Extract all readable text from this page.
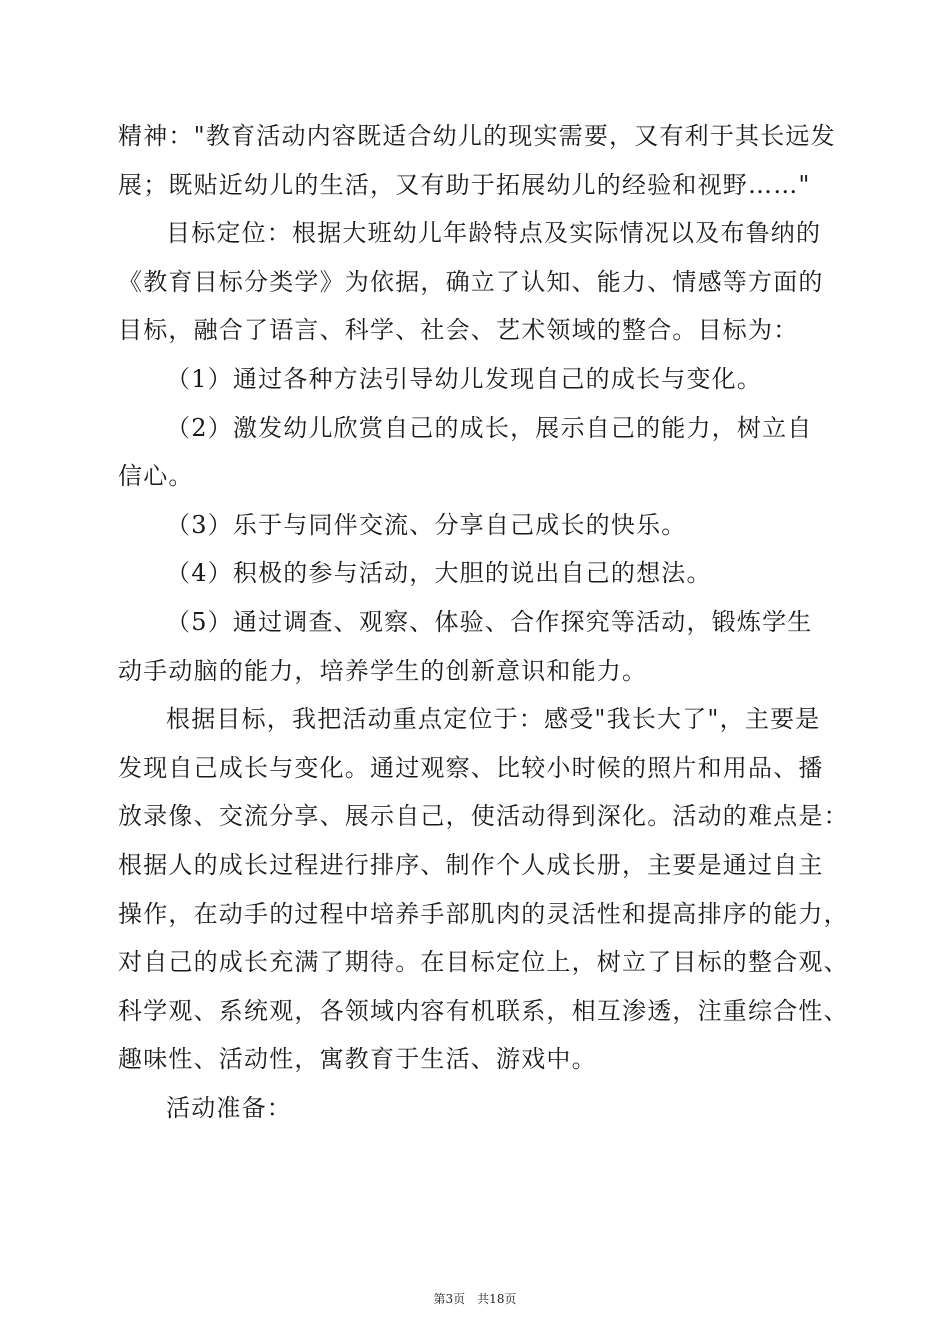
精神："教育活动内容既适合幼儿的现实需要，又有利于其长远发
展；既贴近幼儿的生活，又有助于拓展幼儿的经验和视野……"
目标定位：根据大班幼儿年龄特点及实际情况以及布鲁纳的
《教育目标分类学》为依据，确立了认知、能力、情感等方面的
目标，融合了语言、科学、社会、艺术领域的整合。目标为：
（1）通过各种方法引导幼儿发现自己的成长与变化。
（2）激发幼儿欣赏自己的成长，展示自己的能力，树立自
信心。
（3）乐于与同伴交流、分享自己成长的快乐。
（4）积极的参与活动，大胆的说出自己的想法。
（5）通过调查、观察、体验、合作探究等活动，锻炼学生
动手动脑的能力，培养学生的创新意识和能力。
根据目标，我把活动重点定位于：感受"我长大了"，主要是
发现自己成长与变化。通过观察、比较小时候的照片和用品、播
放录像、交流分享、展示自己，使活动得到深化。活动的难点是：
根据人的成长过程进行排序、制作个人成长册，主要是通过自主
操作，在动手的过程中培养手部肌肉的灵活性和提高排序的能力，
对自己的成长充满了期待。在目标定位上，树立了目标的整合观、
科学观、系统观，各领域内容有机联系，相互渗透，注重综合性、
趣味性、活动性，寓教育于生活、游戏中。
活动准备：
第3页　共18页
